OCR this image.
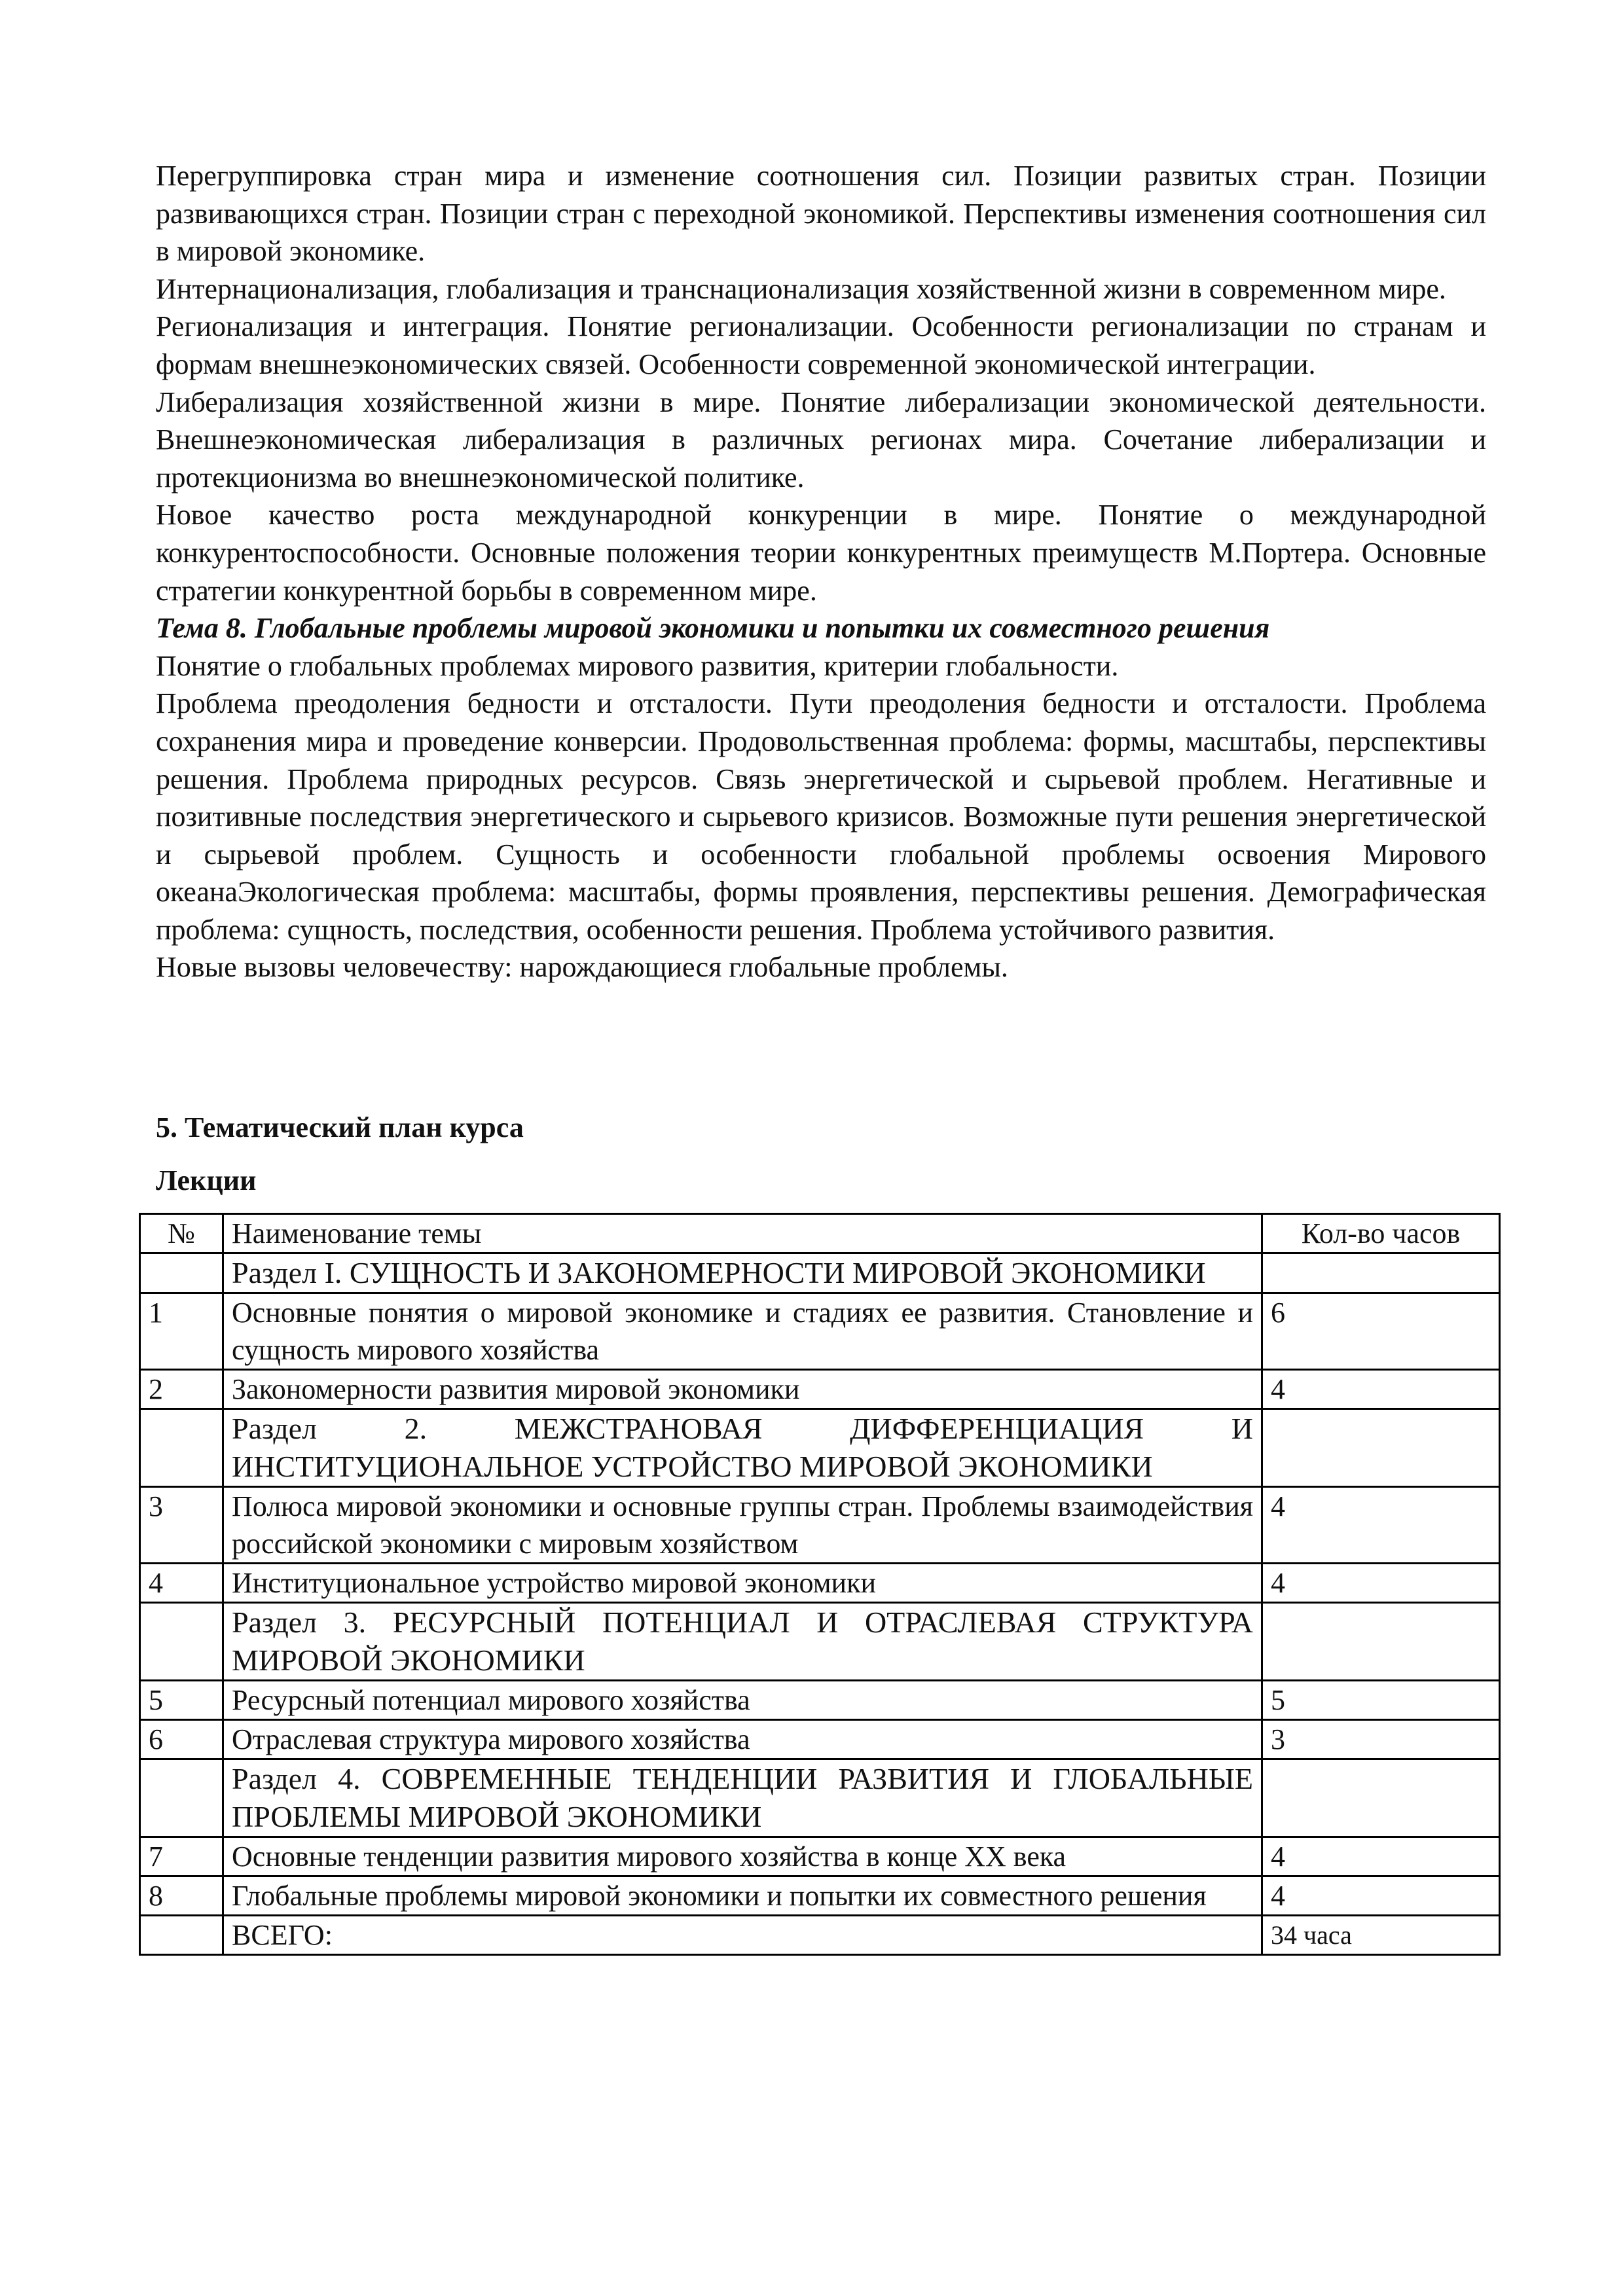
Перегруппировка стран мира и изменение соотношения сил. Позиции развитых стран. Позиции развивающихся стран. Позиции стран с переходной экономикой. Перспективы изменения соотношения сил в мировой экономике.

Интернационализация, глобализация и транснационализация хозяйственной жизни в современном мире.

Регионализация и интеграция. Понятие регионализации. Особенности регионализации по странам и формам внешнеэкономических связей. Особенности современной экономической интеграции.

Либерализация хозяйственной жизни в мире. Понятие либерализации экономической деятельности. Внешнеэкономическая либерализация в различных регионах мира. Сочетание либерализации и протекционизма во внешнеэкономической политике.

Новое качество роста международной конкуренции в мире. Понятие о международной конкурентоспособности. Основные положения теории конкурентных преимуществ М.Портера. Основные стратегии конкурентной борьбы в современном мире.

Тема 8. Глобальные проблемы мировой экономики и попытки их совместного решения

Понятие о глобальных проблемах мирового развития, критерии глобальности.

Проблема преодоления бедности и отсталости. Пути преодоления бедности и отсталости. Проблема сохранения мира и проведение конверсии. Продовольственная проблема: формы, масштабы, перспективы решения. Проблема природных ресурсов. Связь энергетической и сырьевой проблем. Негативные и позитивные последствия энергетического и сырьевого кризисов. Возможные пути решения энергетической и сырьевой проблем. Сущность и особенности глобальной проблемы освоения Мирового океанаЭкологическая проблема: масштабы, формы проявления, перспективы решения. Демографическая проблема: сущность, последствия, особенности решения. Проблема устойчивого развития.

Новые вызовы человечеству: нарождающиеся глобальные проблемы.

5. Тематический план курса
Лекции
№	Наименование темы	Кол-во часов
	Раздел I. СУЩНОСТЬ И ЗАКОНОМЕРНОСТИ МИРОВОЙ ЭКОНОМИКИ	
1	Основные понятия о мировой экономике и стадиях ее развития. Становление и сущность мирового хозяйства	6
2	Закономерности развития мировой экономики	4
	Раздел 2. МЕЖСТРАНОВАЯ ДИФФЕРЕНЦИАЦИЯ И ИНСТИТУЦИОНАЛЬНОЕ УСТРОЙСТВО МИРОВОЙ ЭКОНОМИКИ	
3	Полюса мировой экономики и основные группы стран. Проблемы взаимодействия российской экономики с мировым хозяйством	4
4	Институциональное устройство мировой экономики	4
	Раздел 3. РЕСУРСНЫЙ ПОТЕНЦИАЛ И ОТРАСЛЕВАЯ СТРУКТУРА МИРОВОЙ ЭКОНОМИКИ	
5	Ресурсный потенциал мирового хозяйства	5
6	Отраслевая структура мирового хозяйства	3
	Раздел 4. СОВРЕМЕННЫЕ ТЕНДЕНЦИИ РАЗВИТИЯ И ГЛОБАЛЬНЫЕ ПРОБЛЕМЫ МИРОВОЙ ЭКОНОМИКИ	
7	Основные тенденции развития мирового хозяйства в конце XX века	4
8	Глобальные проблемы мировой экономики и попытки их совместного решения	4
	ВСЕГО:	34 часа
